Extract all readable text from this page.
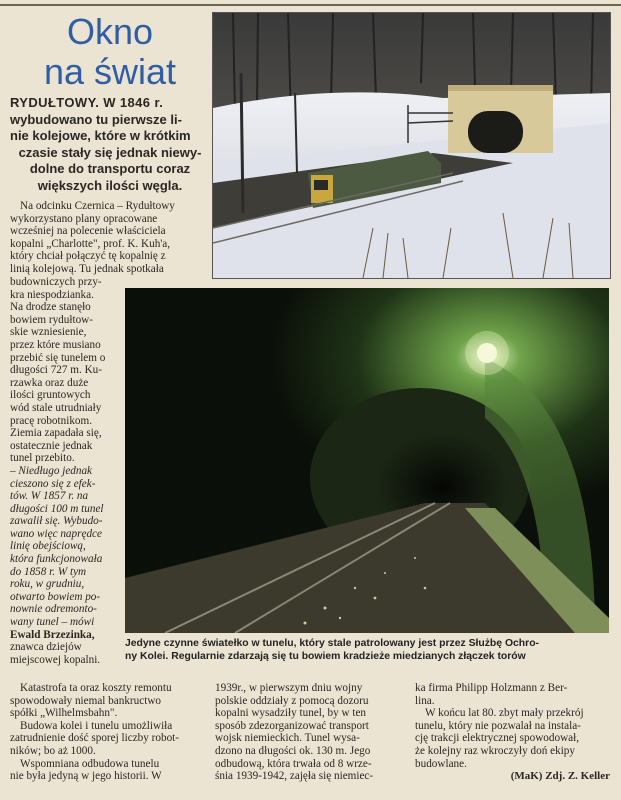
Okno
na świat
RYDUŁTOWY. W 1846 r.
wybudowano tu pierwsze li-
nie kolejowe, które w krótkim
czasie stały się jednak niewy-
dolne do transportu coraz
większych ilości węgla.

Na odcinku Czernica – Rydułtowy

wykorzystano plany opracowane
wcześniej na polecenie właściciela
kopalni „Charlotte", prof. K. Kuh'a,
który chciał połączyć tę kopalnię z
linią kolejową. Tu jednak spotkała
budowniczych przy-
kra niespodzianka.
Na drodze stanęło
bowiem rydułtow-
skie wzniesienie,
przez które musiano
przebić się tunelem o
długości 727 m. Ku-
rzawka oraz duże
ilości gruntowych
wód stale utrudniały
pracę robotnikom.
Ziemia zapadała się,
ostatecznie jednak
tunel przebito.
– Niedługo jednak
cieszono się z efek-
tów. W 1857 r. na
długości 100 m tunel
zawalił się. Wybudo-
wano więc naprędce
linię obejściową,
która funkcjonowała
do 1858 r. W tym
roku, w grudniu,
otwarto bowiem po-
nownie odremonto-
wany tunel – mówi
Ewald Brzezinka,
znawca dziejów
miejscowej kopalni.
Katastrofa ta oraz koszty remontu
spowodowały niemal bankructwo
spółki „Wilhelmsbahn".
Budowa kolei i tunelu umożliwiła
zatrudnienie dość sporej liczby robot-
ników; bo aż 1000.
Wspomniana odbudowa tunelu
nie była jedyną w jego historii. W
Jedyne czynne światełko w tunelu, który stale patrolowany jest przez Służbę Ochro-
ny Kolei. Regularnie zdarzają się tu bowiem kradzieże miedzianych złączek torów
1939r., w pierwszym dniu wojny
polskie oddziały z pomocą dozoru
kopalni wysadziły tunel, by w ten
sposób zdezorganizować transport
wojsk niemieckich. Tunel wysa-
dzono na długości ok. 130 m. Jego
odbudową, która trwała od 8 wrze-
śnia 1939-1942, zajęła się niemiec-
ka firma Philipp Holzmann z Ber-
lina.
W końcu lat 80. zbyt mały przekrój
tunelu, który nie pozwalał na instala-
cję trakcji elektrycznej spowodował,
że kolejny raz wkroczyły doń ekipy
budowlane.
(MaK) Zdj. Z. Keller
